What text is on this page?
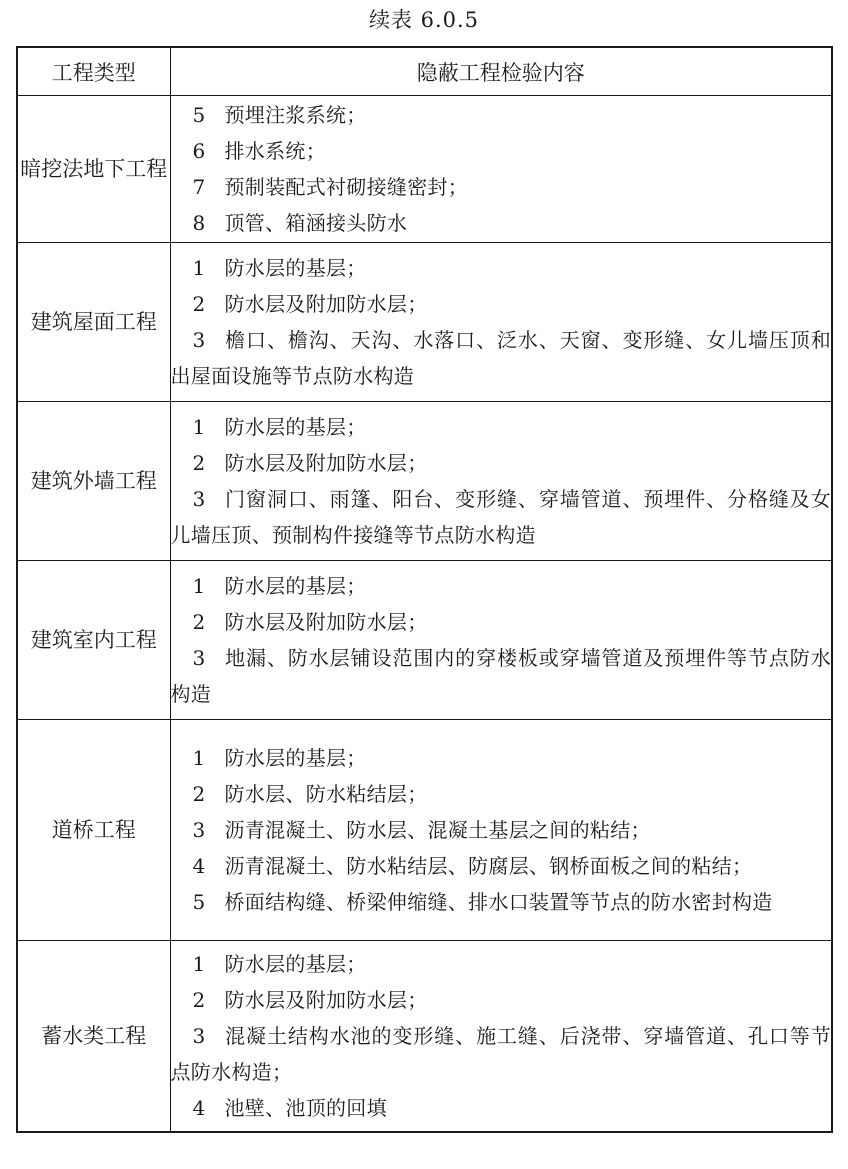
续表 6.0.5
工程类型	隐蔽工程检验内容
暗挖法地下工程	5 预埋注浆系统；
6 排水系统；
7 预制装配式衬砌接缝密封；
8 顶管、箱涵接头防水

建筑屋面工程	1 防水层的基层；
2 防水层及附加防水层；
3 檐口、檐沟、天沟、水落口、泛水、天窗、变形缝、女儿墙压顶和出屋面设施等节点防水构造

建筑外墙工程	1 防水层的基层；
2 防水层及附加防水层；
3 门窗洞口、雨篷、阳台、变形缝、穿墙管道、预埋件、分格缝及女儿墙压顶、预制构件接缝等节点防水构造

建筑室内工程	1 防水层的基层；
2 防水层及附加防水层；
3 地漏、防水层铺设范围内的穿楼板或穿墙管道及预埋件等节点防水构造

道桥工程	1 防水层的基层；
2 防水层、防水粘结层；
3 沥青混凝土、防水层、混凝土基层之间的粘结；
4 沥青混凝土、防水粘结层、防腐层、钢桥面板之间的粘结；
5 桥面结构缝、桥梁伸缩缝、排水口装置等节点的防水密封构造

蓄水类工程	1 防水层的基层；
2 防水层及附加防水层；
3 混凝土结构水池的变形缝、施工缝、后浇带、穿墙管道、孔口等节点防水构造；
4 池壁、池顶的回填
